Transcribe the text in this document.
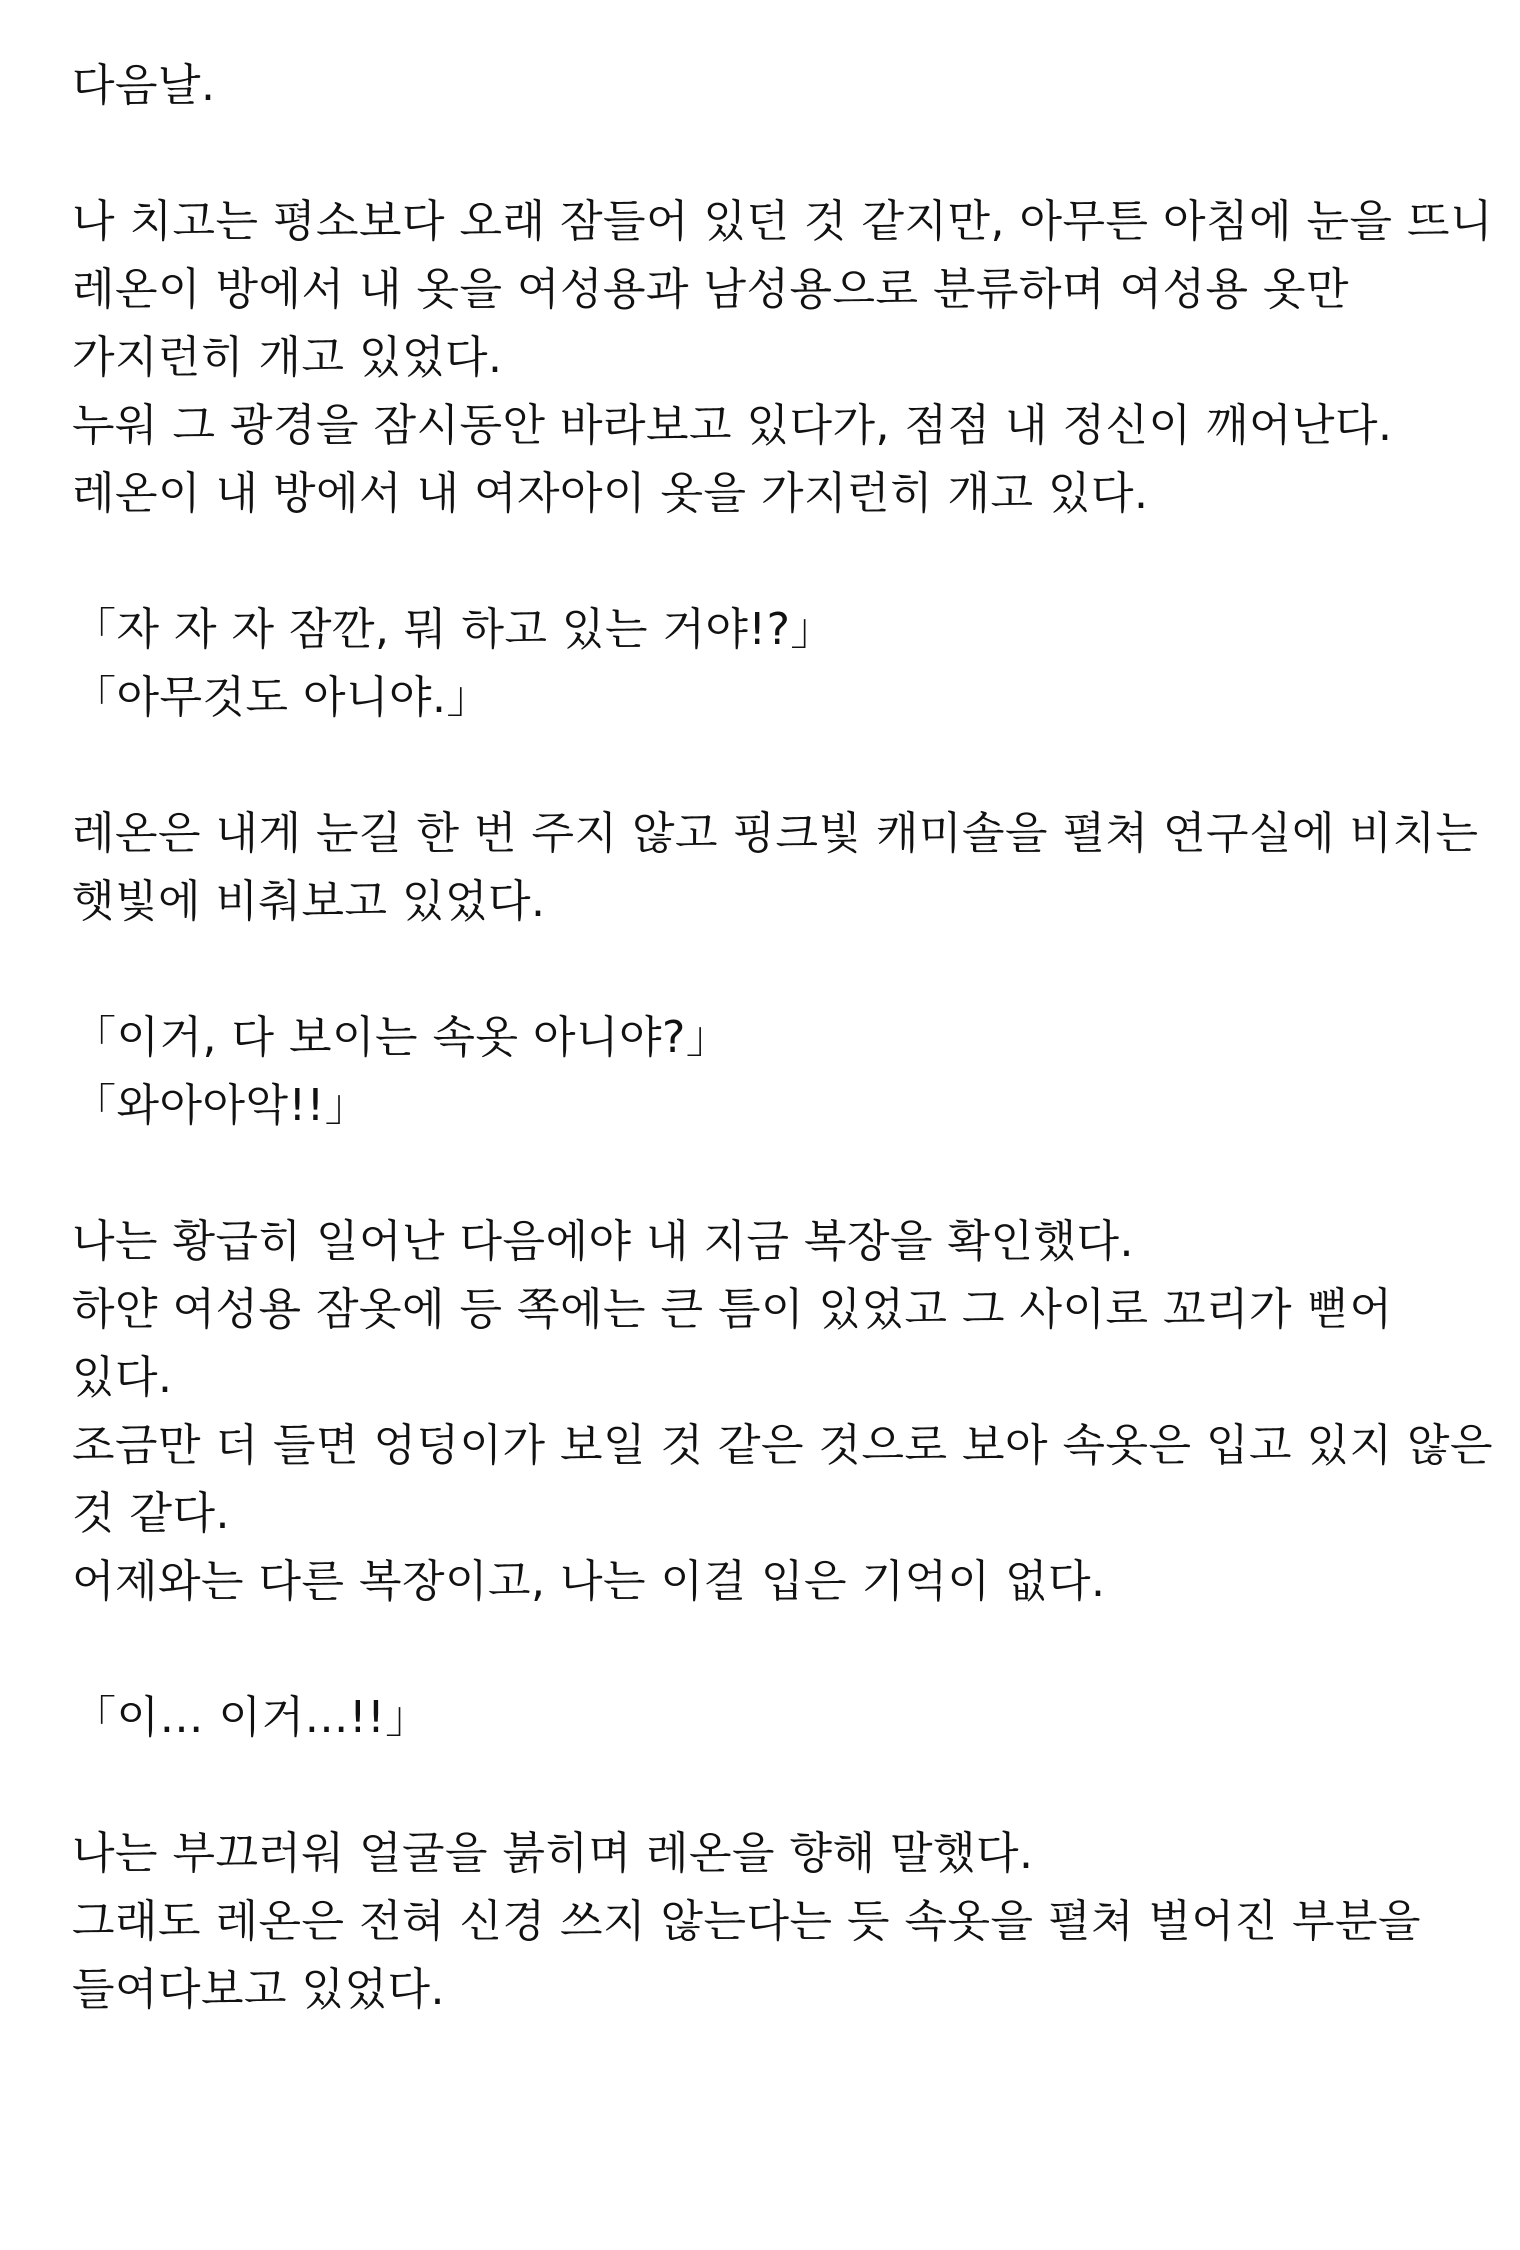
다음날.
나 치고는 평소보다 오래 잠들어 있던 것 같지만, 아무튼 아침에 눈을 뜨니
레온이 방에서 내 옷을 여성용과 남성용으로 분류하며 여성용 옷만
가지런히 개고 있었다.
누워 그 광경을 잠시동안 바라보고 있다가, 점점 내 정신이 깨어난다.
레온이 내 방에서 내 여자아이 옷을 가지런히 개고 있다.
「자 자 자 잠깐, 뭐 하고 있는 거야!?」
「아무것도 아니야.」
레온은 내게 눈길 한 번 주지 않고 핑크빛 캐미솔을 펼쳐 연구실에 비치는
햇빛에 비춰보고 있었다.
「이거, 다 보이는 속옷 아니야?」
「와아아악!!」
나는 황급히 일어난 다음에야 내 지금 복장을 확인했다.
하얀 여성용 잠옷에 등 쪽에는 큰 틈이 있었고 그 사이로 꼬리가 뻗어
있다.
조금만 더 들면 엉덩이가 보일 것 같은 것으로 보아 속옷은 입고 있지 않은
것 같다.
어제와는 다른 복장이고, 나는 이걸 입은 기억이 없다.
「이… 이거…!!」
나는 부끄러워 얼굴을 붉히며 레온을 향해 말했다.
그래도 레온은 전혀 신경 쓰지 않는다는 듯 속옷을 펼쳐 벌어진 부분을
들여다보고 있었다.
